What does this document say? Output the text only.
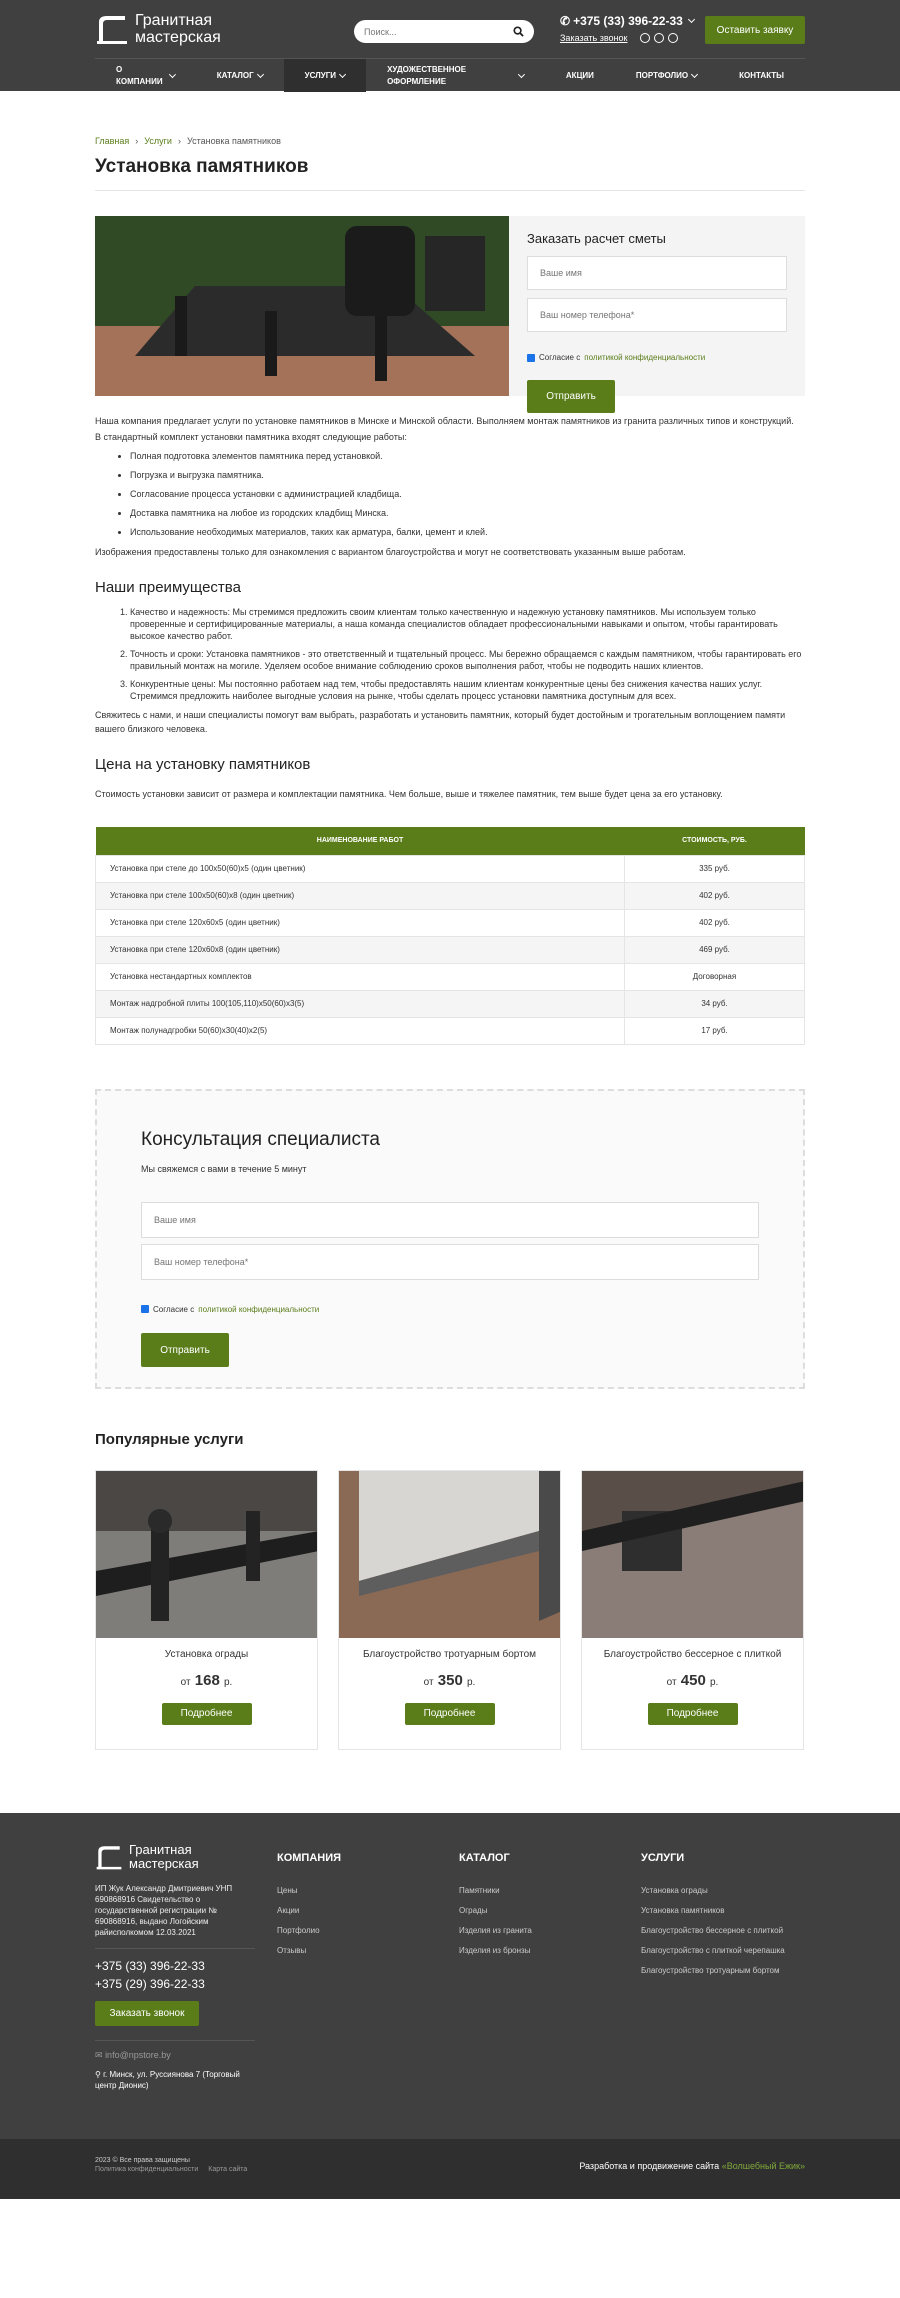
Гранитная
мастерская
Поиск...
✆ +375 (33) 396-22-33
Заказать звонок
Оставить заявку
О КОМПАНИИ
КАТАЛОГ	УСЛУГИ
ХУДОЖЕСТВЕННОЕ ОФОРМЛЕНИЕ
АКЦИИ	ПОРТФОЛИО	КОНТАКТЫ
Главная › Услуги › Установка памятников
Установка памятников
Заказать расчет сметы
Ваше имя Ваш номер телефона*
Согласие с политикой конфиденциальности
Отправить

Наша компания предлагает услуги по установке памятников в Минске и Минской области. Выполняем монтаж памятников из гранита различных типов и конструкций.

В стандартный комплект установки памятника входят следующие работы:

• Полная подготовка элементов памятника перед установкой.
• Погрузка и выгрузка памятника.
• Согласование процесса установки с администрацией кладбища.
• Доставка памятника на любое из городских кладбищ Минска.
• Использование необходимых материалов, таких как арматура, балки, цемент и клей.

Изображения предоставлены только для ознакомления с вариантом благоустройства и могут не соответствовать указанным выше работам.

Наши преимущества
1. Качество и надежность: Мы стремимся предложить своим клиентам только качественную и надежную установку памятников. Мы используем только проверенные и сертифицированные материалы, а наша команда специалистов обладает профессиональными навыками и опытом, чтобы гарантировать высокое качество работ.
2. Точность и сроки: Установка памятников - это ответственный и тщательный процесс. Мы бережно обращаемся с каждым памятником, чтобы гарантировать его правильный монтаж на могиле. Уделяем особое внимание соблюдению сроков выполнения работ, чтобы не подводить наших клиентов.
3. Конкурентные цены: Мы постоянно работаем над тем, чтобы предоставлять нашим клиентам конкурентные цены без снижения качества наших услуг. Стремимся предложить наиболее выгодные условия на рынке, чтобы сделать процесс установки памятника доступным для всех.

Свяжитесь с нами, и наши специалисты помогут вам выбрать, разработать и установить памятник, который будет достойным и трогательным воплощением памяти вашего близкого человека.

Цена на установку памятников

Стоимость установки зависит от размера и комплектации памятника. Чем больше, выше и тяжелее памятник, тем выше будет цена за его установку.

НАИМЕНОВАНИЕ РАБОТ	СТОИМОСТЬ, РУБ.
Установка при стеле до 100х50(60)х5 (один цветник)	335 руб.
Установка при стеле 100х50(60)х8 (один цветник)	402 руб.
Установка при стеле 120х60х5 (один цветник)	402 руб.
Установка при стеле 120х60х8 (один цветник)	469 руб.
Установка нестандартных комплектов	Договорная
Монтаж надгробной плиты 100(105,110)х50(60)х3(5)	34 руб.
Монтаж полунадгробки 50(60)х30(40)х2(5)	17 руб.
Консультация специалиста
Мы свяжемся с вами в течение 5 минут
Ваше имя Ваш номер телефона*
Согласие с политикой конфиденциальности
Отправить
Популярные услуги
Установка ограды
от 168 р.
Подробнее
Благоустройство тротуарным бортом
от 350 р.
Подробнее
Благоустройство бессерное с плиткой
от 450 р.
Подробнее
Гранитная
мастерская
ИП Жук Александр Дмитриевич УНП 690868916 Свидетельство о государственной регистрации № 690868916, выдано Логойским райисполкомом 12.03.2021
+375 (33) 396-22-33
+375 (29) 396-22-33
Заказать звонок
✉ info@npstore.by
⚲ г. Минск, ул. Руссиянова 7 (Торговый центр Дионис)
КОМПАНИЯ
Цены
Акции
Портфолио
Отзывы
КАТАЛОГ
Памятники
Ограды
Изделия из гранита
Изделия из бронзы
УСЛУГИ
Установка ограды
Установка памятников
Благоустройство бессерное с плиткой
Благоустройство с плиткой черепашка
Благоустройство тротуарным бортом
2023 © Все права защищены
Политика конфиденциальности Карта сайта	Разработка и продвижение сайта «Волшебный Ежик»
